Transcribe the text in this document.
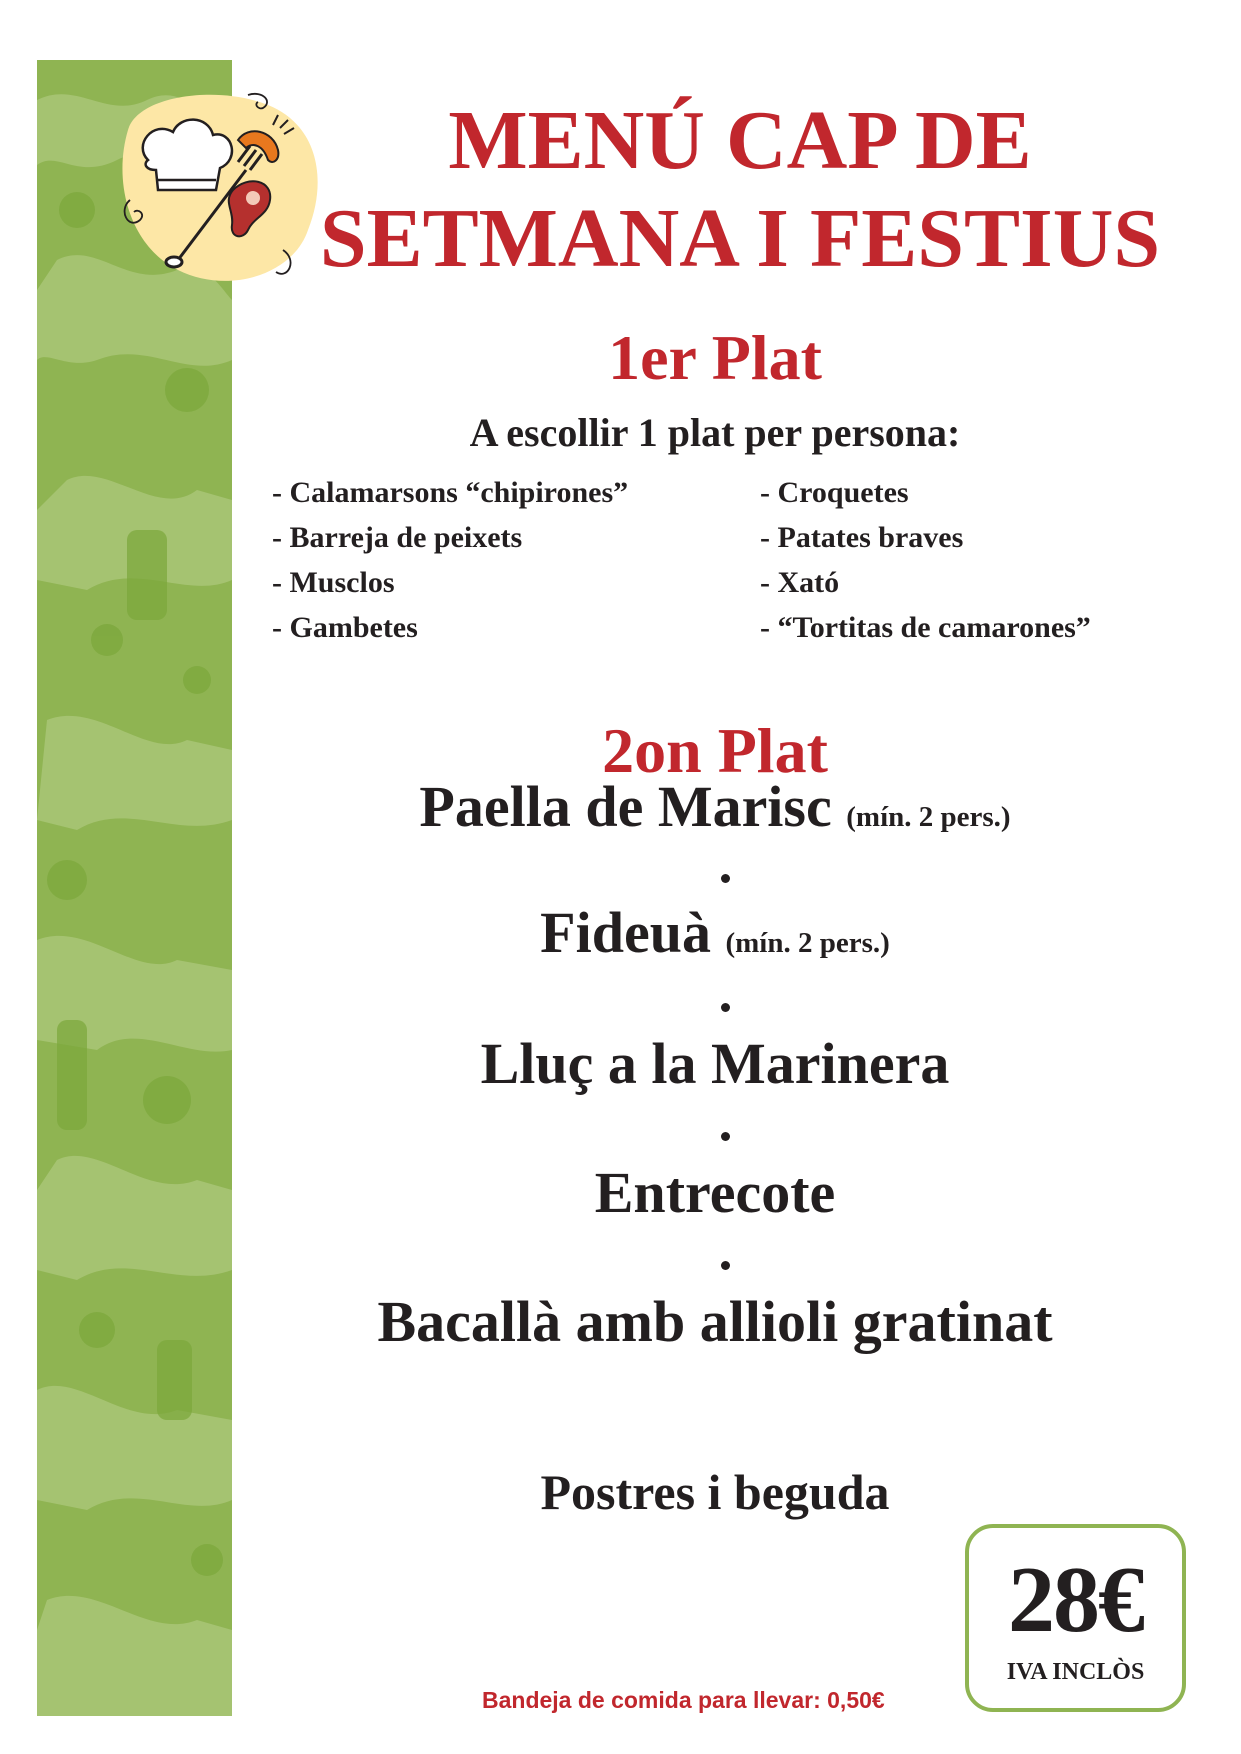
MENÚ CAP DE
SETMANA I FESTIUS
1er Plat
A escollir 1 plat per persona:
- Calamarsons “chipirones”
- Barreja de peixets
- Musclos
- Gambetes
- Croquetes
- Patates braves
- Xató
- “Tortitas de camarones”
2on Plat
Paella de Marisc (mín. 2 pers.)
Fideuà (mín. 2 pers.)
Lluç a la Marinera
Entrecote
Bacallà amb allioli gratinat
Postres i beguda
28€
IVA INCLÒS
Bandeja de comida para llevar: 0,50€
